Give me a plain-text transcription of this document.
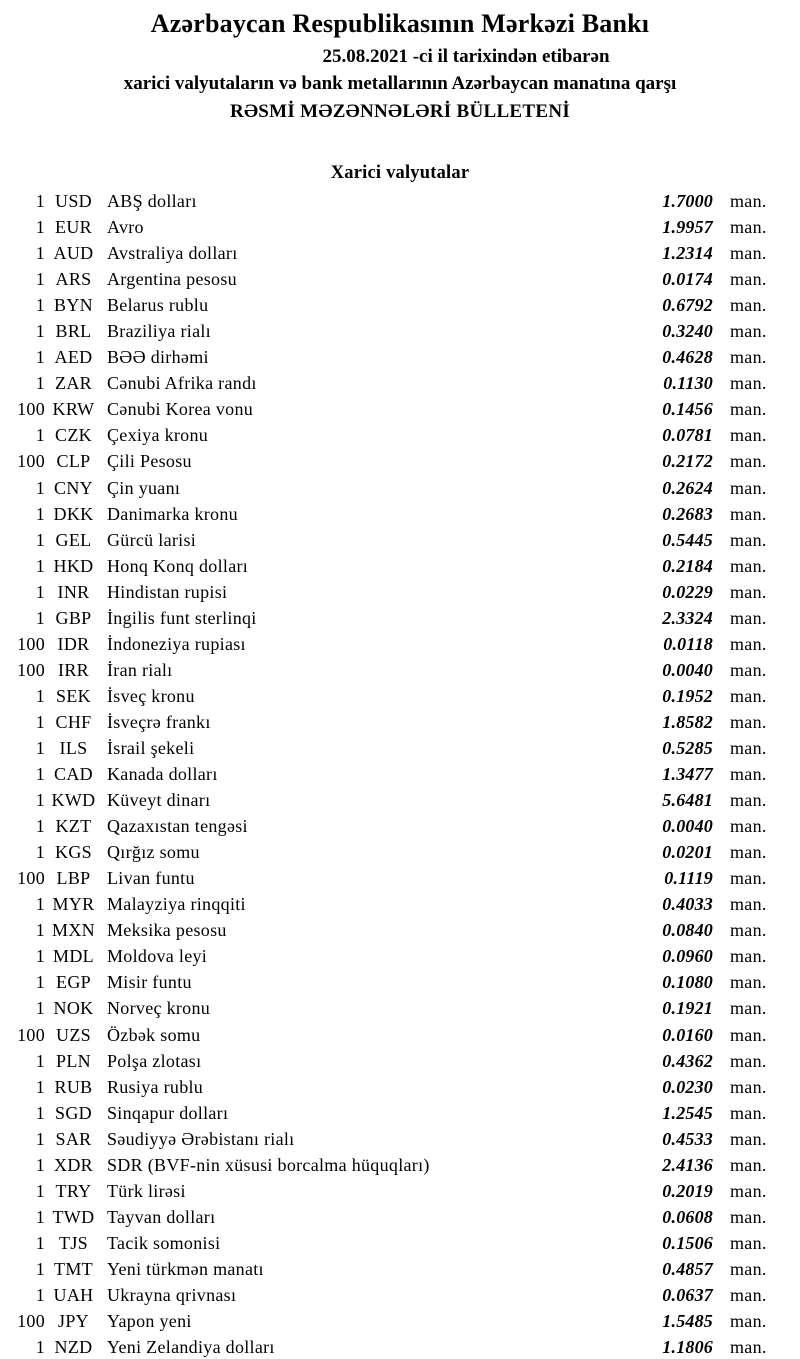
Azərbaycan Respublikasının Mərkəzi Bankı
25.08.2021 -ci il tarixindən etibarən
xarici valyutaların və bank metallarının Azərbaycan manatına qarşı
RƏSMİ MƏZƏNNƏLƏRİ BÜLLETENİ
Xarici valyutalar
1 USD ABŞ dolları	1.7000 man.
1 EUR Avro	1.9957 man.
1 AUD Avstraliya dolları	1.2314 man.
1 ARS Argentina pesosu	0.0174 man.
1 BYN Belarus rublu	0.6792 man.
1 BRL Braziliya rialı	0.3240 man.
1 AED BƏƏ dirhəmi	0.4628 man.
1 ZAR Cənubi Afrika randı	0.1130 man.
100 KRW Cənubi Korea vonu	0.1456 man.
1 CZK Çexiya kronu	0.0781 man.
100 CLP Çili Pesosu	0.2172 man.
1 CNY Çin yuanı	0.2624 man.
1 DKK Danimarka kronu	0.2683 man.
1 GEL Gürcü larisi	0.5445 man.
1 HKD Honq Konq dolları	0.2184 man.
1 INR Hindistan rupisi	0.0229 man.
1 GBP İngilis funt sterlinqi	2.3324 man.
100 IDR İndoneziya rupiası	0.0118 man.
100 IRR	İran rialı	0.0040 man.
1 SEK İsveç kronu	0.1952 man.
1 CHF İsveçrə frankı	1.8582 man.
1 ILS	İsrail şekeli	0.5285 man.
1 CAD Kanada dolları	1.3477 man.
1 KWD Küveyt dinarı	5.6481 man.
1 KZT Qazaxıstan tengəsi	0.0040 man.
1 KGS Qırğız somu	0.0201 man.
100 LBP Livan funtu	0.1119 man.
1 MYR Malayziya rinqqiti	0.4033 man.
1 MXN Meksika pesosu	0.0840 man.
1 MDL Moldova leyi	0.0960 man.
1 EGP Misir funtu	0.1080 man.
1 NOK Norveç kronu	0.1921 man.
100 UZS Özbək somu	0.0160 man.
1 PLN Polşa zlotası	0.4362 man.
1 RUB Rusiya rublu	0.0230 man.
1 SGD Sinqapur dolları	1.2545 man.
1 SAR Səudiyyə Ərəbistanı rialı	0.4533 man.
1 XDR SDR (BVF-nin xüsusi borcalma hüquqları)	2.4136 man.
1 TRY Türk lirəsi	0.2019 man.
1 TWD Tayvan dolları	0.0608 man.
1 TJS	Tacik somonisi	0.1506 man.
1 TMT Yeni türkmən manatı	0.4857 man.
1 UAH Ukrayna qrivnası	0.0637 man.
100 JPY	Yapon yeni	1.5485 man.
1 NZD Yeni Zelandiya dolları	1.1806 man.
